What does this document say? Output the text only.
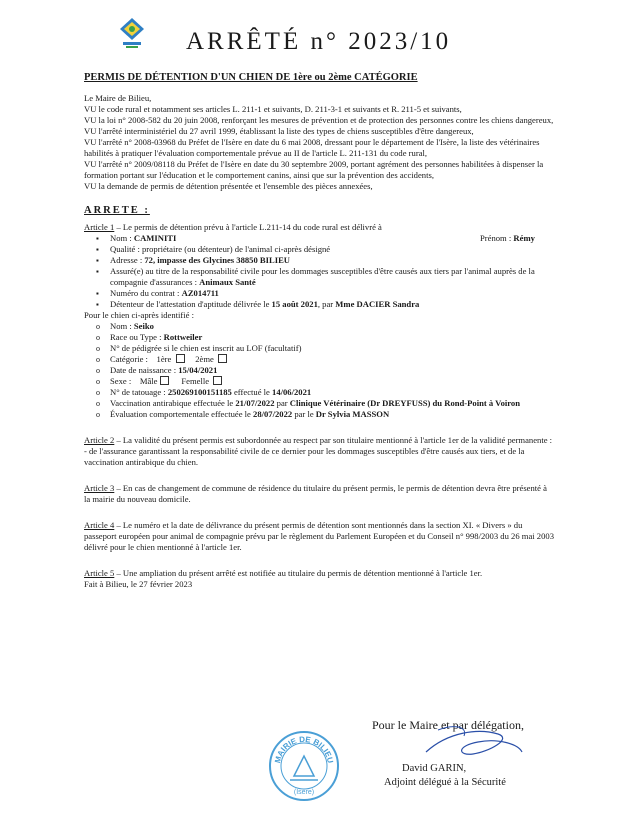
ARRÊTÉ n° 2023/10
PERMIS DE DÉTENTION D'UN CHIEN DE 1ère ou 2ème CATÉGORIE

Le Maire de Bilieu,

VU le code rural et notamment ses articles L. 211-1 et suivants, D. 211-3-1 et suivants et R. 211-5 et suivants,

VU la loi n° 2008-582 du 20 juin 2008, renforçant les mesures de prévention et de protection des personnes contre les chiens dangereux,

VU l'arrêté interministériel du 27 avril 1999, établissant la liste des types de chiens susceptibles d'être dangereux,

VU l'arrêté n° 2008-03968 du Préfet de l'Isère en date du 6 mai 2008, dressant pour le département de l'Isère, la liste des vétérinaires habilités à pratiquer l'évaluation comportementale prévue au II de l'article L. 211-131 du code rural,

VU l'arrêté n° 2009/08118 du Préfet de l'Isère en date du 30 septembre 2009, portant agrément des personnes habilitées à dispenser la formation portant sur l'éducation et le comportement canins, ainsi que sur la prévention des accidents,

VU la demande de permis de détention présentée et l'ensemble des pièces annexées,

ARRETE :

Article 1 – Le permis de détention prévu à l'article L.211-14 du code rural est délivré à

▪ Nom : CAMINITI	Prénom : Rémy
▪ Qualité : propriétaire (ou détenteur) de l'animal ci-après désigné
▪ Adresse : 72, impasse des Glycines 38850 BILIEU
▪ Assuré(e) au titre de la responsabilité civile pour les dommages susceptibles d'être causés aux tiers par l'animal auprès de la compagnie d'assurances : Animaux Santé
▪ Numéro du contrat : AZ014711
▪ Détenteur de l'attestation d'aptitude délivrée le 15 août 2021, par Mme DACIER Sandra

Pour le chien ci-après identifié :

o Nom : Seiko
o Race ou Type : Rottweiler
o N° de pédigrée si le chien est inscrit au LOF (facultatif)
o Catégorie :    1ère	2ème
o Date de naissance : 15/04/2021
o Sexe :    Mâle	Femelle
o N° de tatouage : 250269100151185 effectué le 14/06/2021
o Vaccination antirabique effectuée le 21/07/2022 par Clinique Vétérinaire (Dr DREYFUSS) du Rond-Point à Voiron
o Évaluation comportementale effectuée le 28/07/2022 par le Dr Sylvia MASSON

Article 2 – La validité du présent permis est subordonnée au respect par son titulaire mentionné à l'article 1er de la validité permanente :

- de l'assurance garantissant la responsabilité civile de ce dernier pour les dommages susceptibles d'être causés aux tiers, et de la vaccination antirabique du chien.

Article 3 – En cas de changement de commune de résidence du titulaire du présent permis, le permis de détention devra être présenté à la mairie du nouveau domicile.

Article 4 – Le numéro et la date de délivrance du présent permis de détention sont mentionnés dans la section XI. « Divers » du passeport européen pour animal de compagnie prévu par le règlement du Parlement Européen et du Conseil n° 998/2003 du 26 mai 2003 délivré pour le chien mentionné à l'article 1er.

Article 5 – Une ampliation du présent arrêté est notifiée au titulaire du permis de détention mentionné à l'article 1er.

Fait à Bilieu, le 27 février 2023

MAIRIE DE BILIEU
(Isère)
Pour le Maire et par délégation,
David GARIN,
Adjoint délégué à la Sécurité
